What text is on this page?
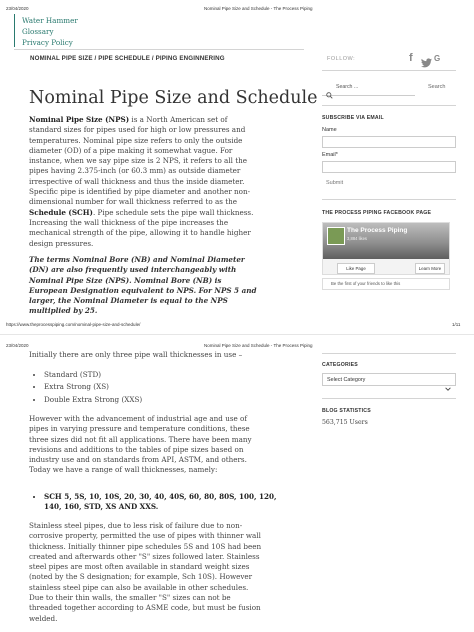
23/04/2020	Nominal Pipe Size and Schedule - The Process Piping
Water Hammer
Glossary
Privacy Policy
NOMINAL PIPE SIZE / PIPE SCHEDULE / PIPING ENGINNERING	FOLLOW:	f	G
Nominal Pipe Size and Schedule
Nominal Pipe Size (NPS) is a North American set of standard sizes for pipes used for high or low pressures and temperatures. Nominal pipe size refers to only the outside diameter (OD) of a pipe making it somewhat vague. For instance, when we say pipe size is 2 NPS, it refers to all the pipes having 2.375-inch (or 60.3 mm) as outside diameter irrespective of wall thickness and thus the inside diameter. Specific pipe is identified by pipe diameter and another non-dimensional number for wall thickness referred to as the Schedule (SCH). Pipe schedule sets the pipe wall thickness. Increasing the wall thickness of the pipe increases the mechanical strength of the pipe, allowing it to handle higher design pressures.
The terms Nominal Bore (NB) and Nominal Diameter (DN) are also frequently used interchangeably with Nominal Pipe Size (NPS). Nominal Bore (NB) is European Designation equivalent to NPS. For NPS 5 and larger, the Nominal Diameter is equal to the NPS multiplied by 25.
Search ...	Search
SUBSCRIBE VIA EMAIL
Name
Email*
Submit
THE PROCESS PIPING FACEBOOK PAGE
The Process Piping
3,884 likes
Like Page	Learn More
Be the first of your friends to like this
https://www.theprocesspiping.com/nominal-pipe-size-and-schedule/	1/11
23/04/2020	Nominal Pipe Size and Schedule - The Process Piping
Initially there are only three pipe wall thicknesses in use –
• Standard (STD)
• Extra Strong (XS)
• Double Extra Strong (XXS)
However with the advancement of industrial age and use of pipes in varying pressure and temperature conditions, these three sizes did not fit all applications. There have been many revisions and additions to the tables of pipe sizes based on industry use and on standards from API, ASTM, and others. Today we have a range of wall thicknesses, namely:
• SCH 5, 5S, 10, 10S, 20, 30, 40, 40S, 60, 80, 80S, 100, 120, 140, 160, STD, XS AND XXS.
Stainless steel pipes, due to less risk of failure due to non-corrosive property, permitted the use of pipes with thinner wall thickness. Initially thinner pipe schedules 5S and 10S had been created and afterwards other "S" sizes followed later. Stainless steel pipes are most often available in standard weight sizes (noted by the S designation; for example, Sch 10S). However stainless steel pipe can also be available in other schedules. Due to their thin walls, the smaller "S" sizes can not be threaded together according to ASME code, but must be fusion welded.
CATEGORIES
Select Category
BLOG STATISTICS
563,715 Users
